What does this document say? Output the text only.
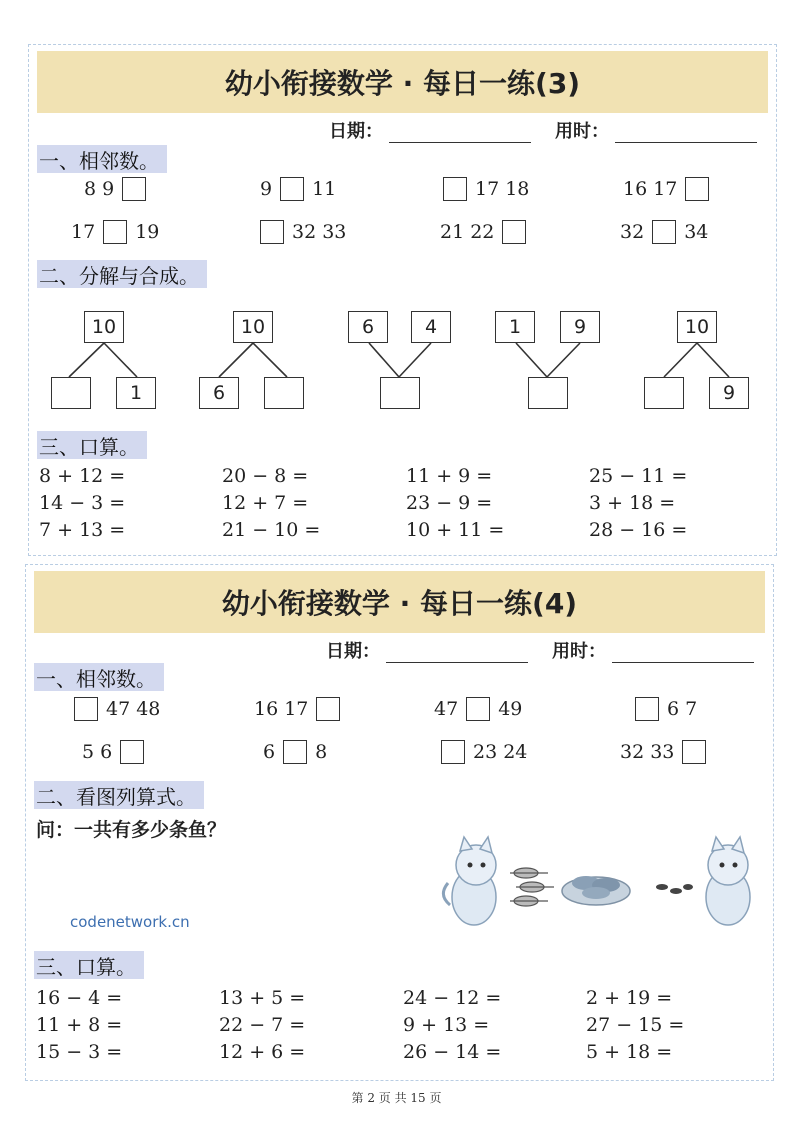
幼小衔接数学 · 每日一练(3)
日期：	用时：
一、相邻数。
8 9	9 11	17 18	16 17
17 19	32 33	21 22	32 34
二、分解与合成。
10
1
10
6
6	4	1	9	10
9
三、口算。
8 + 12 =	20 − 8 =	11 + 9 =	25 − 11 =
14 − 3 =	12 + 7 =	23 − 9 =	3 + 18 =
7 + 13 =	21 − 10 =	10 + 11 =	28 − 16 =
幼小衔接数学 · 每日一练(4)
日期：	用时：
一、相邻数。
47 48	16 17	47 49	6 7
5 6	6 8	23 24	32 33
二、看图列算式。
问：一共有多少条鱼？
codenetwork.cn
三、口算。
16 − 4 =	13 + 5 =	24 − 12 =	2 + 19 =
11 + 8 =	22 − 7 =	9 + 13 =	27 − 15 =
15 − 3 =	12 + 6 =	26 − 14 =	5 + 18 =
第 2 页 共 15 页
